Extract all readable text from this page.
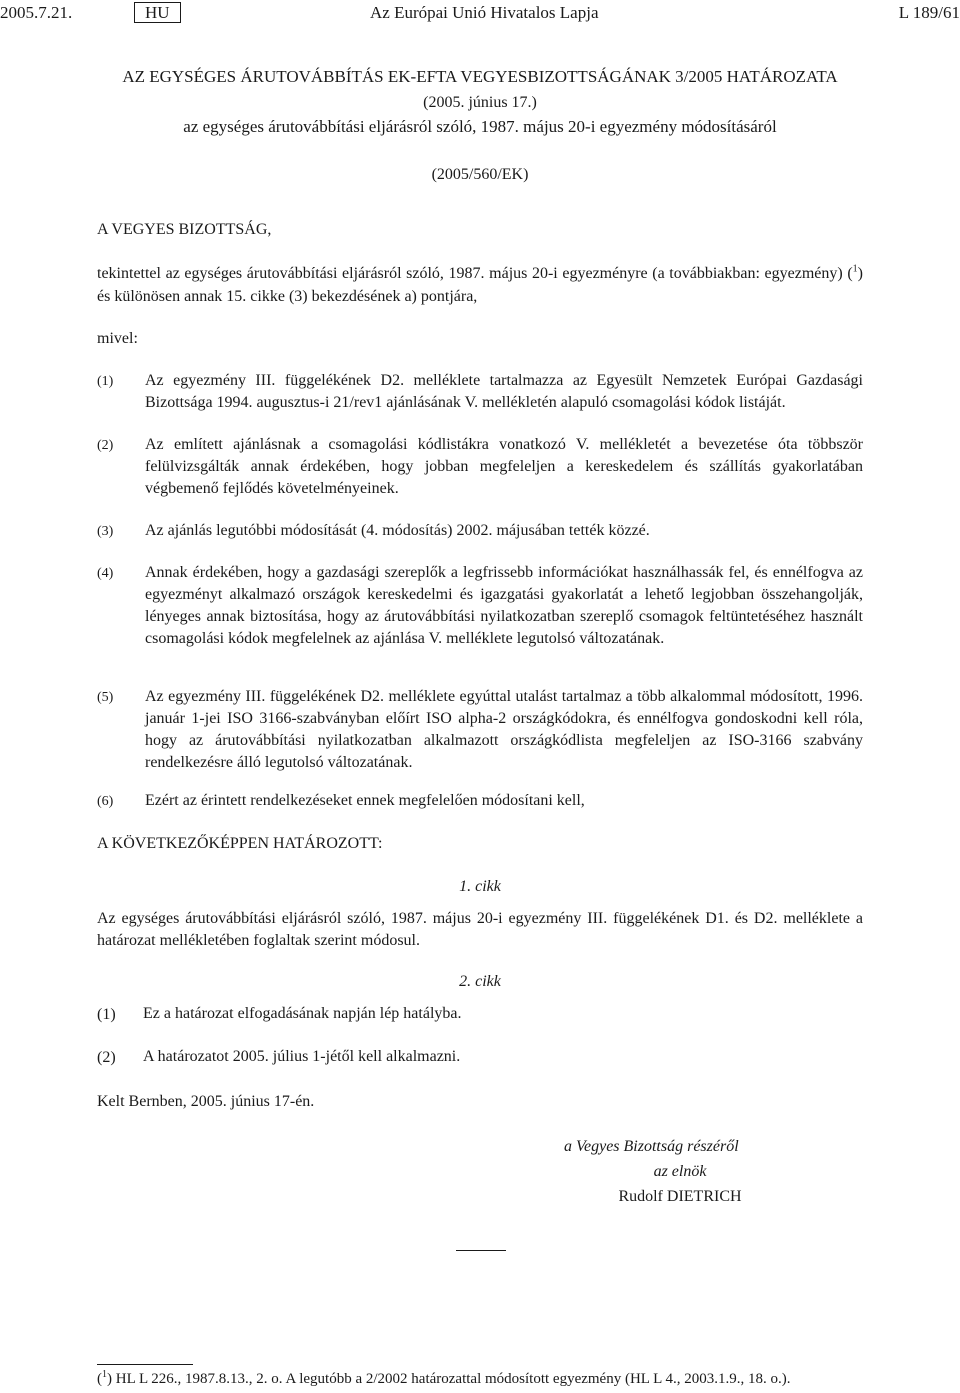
2005.7.21.	HU	Az Európai Unió Hivatalos Lapja	L 189/61
AZ EGYSÉGES ÁRUTOVÁBBÍTÁS EK-EFTA VEGYESBIZOTTSÁGÁNAK 3/2005 HATÁROZATA
(2005. június 17.)
az egységes árutovábbítási eljárásról szóló, 1987. május 20-i egyezmény módosításáról
(2005/560/EK)
A VEGYES BIZOTTSÁG,
tekintettel az egységes árutovábbítási eljárásról szóló, 1987. május 20-i egyezményre (a továbbiakban: egyezmény) ($^1$) és különösen annak 15. cikke (3) bekezdésének a) pontjára,
mivel:
(1)	Az egyezmény III. függelékének D2. melléklete tartalmazza az Egyesült Nemzetek Európai Gazdasági Bizottsága 1994. augusztus-i 21/rev1 ajánlásának V. mellékletén alapuló csomagolási kódok listáját.
(2)	Az említett ajánlásnak a csomagolási kódlistákra vonatkozó V. mellékletét a bevezetése óta többször felülvizsgálták annak érdekében, hogy jobban megfeleljen a kereskedelem és szállítás gyakorlatában végbemenő fejlődés követelményeinek.
(3)	Az ajánlás legutóbbi módosítását (4. módosítás) 2002. májusában tették közzé.
(4)	Annak érdekében, hogy a gazdasági szereplők a legfrissebb információkat használhassák fel, és ennélfogva az egyezményt alkalmazó országok kereskedelmi és igazgatási gyakorlatát a lehető legjobban összehangolják, lényeges annak biztosítása, hogy az árutovábbítási nyilatkozatban szereplő csomagok feltüntetéséhez használt csomagolási kódok megfelelnek az ajánlása V. melléklete legutolsó változatának.
(5)	Az egyezmény III. függelékének D2. melléklete egyúttal utalást tartalmaz a több alkalommal módosított, 1996. január 1-jei ISO 3166-szabványban előírt ISO alpha-2 országkódokra, és ennélfogva gondoskodni kell róla, hogy az árutovábbítási nyilatkozatban alkalmazott országkódlista megfeleljen az ISO-3166 szabvány rendelkezésre álló legutolsó változatának.
(6)	Ezért az érintett rendelkezéseket ennek megfelelően módosítani kell,
A KÖVETKEZŐKÉPPEN HATÁROZOTT:
1. cikk
Az egységes árutovábbítási eljárásról szóló, 1987. május 20-i egyezmény III. függelékének D1. és D2. melléklete a határozat mellékletében foglaltak szerint módosul.
2. cikk
(1)	Ez a határozat elfogadásának napján lép hatályba.
(2)	A határozatot 2005. július 1-jétől kell alkalmazni.
Kelt Bernben, 2005. június 17-én.
a Vegyes Bizottság részéről
az elnök
Rudolf DIETRICH
($^1$) HL L 226., 1987.8.13., 2. o. A legutóbb a 2/2002 határozattal módosított egyezmény (HL L 4., 2003.1.9., 18. o.).
